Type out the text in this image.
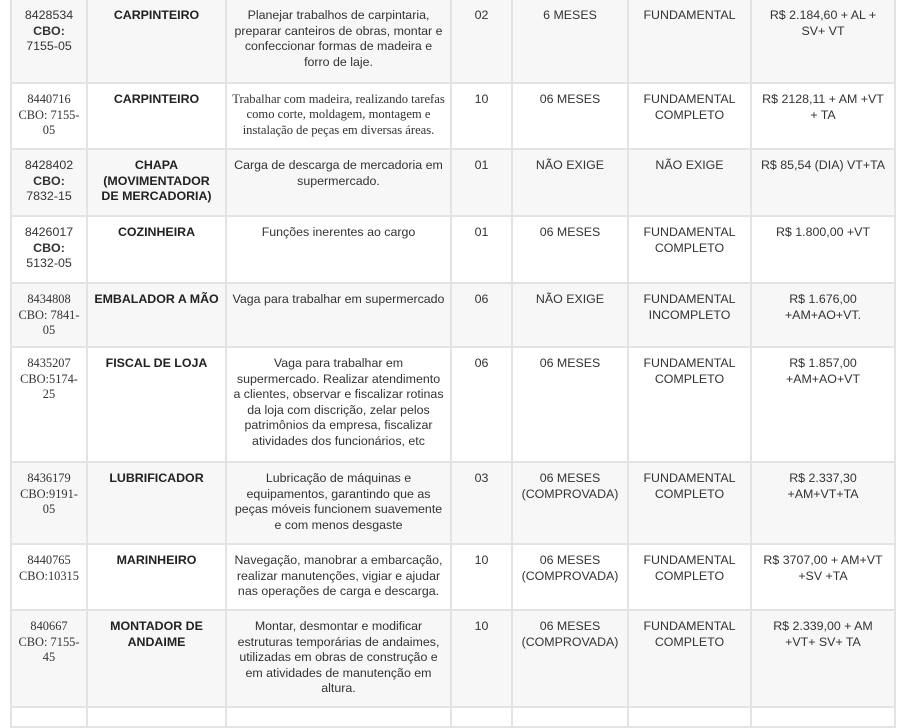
8428534
CBO:
7155-05	CARPINTEIRO	Planejar trabalhos de carpintaria, preparar canteiros de obras, montar e confeccionar formas de madeira e forro de laje.	02	6 MESES	FUNDAMENTAL	R$ 2.184,60 + AL + SV+ VT
8440716
CBO: 7155-05	CARPINTEIRO	Trabalhar com madeira, realizando tarefas como corte, moldagem, montagem e instalação de peças em diversas áreas.	10	06 MESES	FUNDAMENTAL COMPLETO	R$ 2128,11 + AM +VT + TA
8428402
CBO:
7832-15	CHAPA (MOVIMENTADOR DE MERCADORIA)	Carga de descarga de mercadoria em supermercado.	01	NÃO EXIGE	NÃO EXIGE	R$ 85,54 (DIA) VT+TA
8426017
CBO:
5132-05	COZINHEIRA	Funções inerentes ao cargo	01	06 MESES	FUNDAMENTAL COMPLETO	R$ 1.800,00 +VT
8434808
CBO: 7841-05	EMBALADOR A MÃO	Vaga para trabalhar em supermercado	06	NÃO EXIGE	FUNDAMENTAL INCOMPLETO	R$ 1.676,00 +AM+AO+VT.
8435207
CBO:5174-25	FISCAL DE LOJA	Vaga para trabalhar em supermercado. Realizar atendimento a clientes, observar e fiscalizar rotinas da loja com discrição, zelar pelos patrimônios da empresa, fiscalizar atividades dos funcionários, etc	06	06 MESES	FUNDAMENTAL COMPLETO	R$ 1.857,00 +AM+AO+VT
8436179
CBO:9191-05	LUBRIFICADOR	Lubricação de máquinas e equipamentos, garantindo que as peças móveis funcionem suavemente e com menos desgaste	03	06 MESES (COMPROVADA)	FUNDAMENTAL COMPLETO	R$ 2.337,30 +AM+VT+TA
8440765
CBO:10315	MARINHEIRO	Navegação, manobrar a embarcação, realizar manutenções, vigiar e ajudar nas operações de carga e descarga.	10	06 MESES (COMPROVADA)	FUNDAMENTAL COMPLETO	R$ 3707,00 + AM+VT +SV +TA
840667
CBO: 7155-45	MONTADOR DE ANDAIME	Montar, desmontar e modificar estruturas temporárias de andaimes, utilizadas em obras de construção e em atividades de manutenção em altura.	10	06 MESES (COMPROVADA)	FUNDAMENTAL COMPLETO	R$ 2.339,00 + AM +VT+ SV+ TA
